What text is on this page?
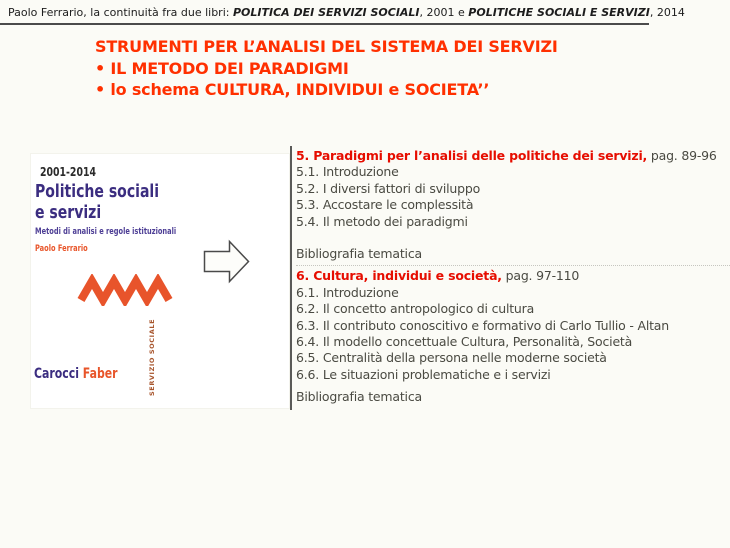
Paolo Ferrario, la continuità fra due libri: POLITICA DEI SERVIZI SOCIALI, 2001 e POLITICHE SOCIALI E SERVIZI, 2014
STRUMENTI PER L’ANALISI DEL SISTEMA DEI SERVIZI
• IL METODO DEI PARADIGMI
• lo schema CULTURA, INDIVIDUI e SOCIETA’’
2001-2014
Politiche sociali
e servizi
Metodi di analisi e regole istituzionali
Paolo Ferrario
SERVIZIO SOCIALE
Carocci Faber
5. Paradigmi per l’analisi delle politiche dei servizi, pag. 89-96
5.1. Introduzione
5.2. I diversi fattori di sviluppo
5.3. Accostare le complessità
5.4. Il metodo dei paradigmi
Bibliografia tematica
6. Cultura, individui e società, pag. 97-110
6.1. Introduzione
6.2. Il concetto antropologico di cultura
6.3. Il contributo conoscitivo e formativo di Carlo Tullio - Altan
6.4. Il modello concettuale Cultura, Personalità, Società
6.5. Centralità della persona nelle moderne società
6.6. Le situazioni problematiche e i servizi
Bibliografia tematica
